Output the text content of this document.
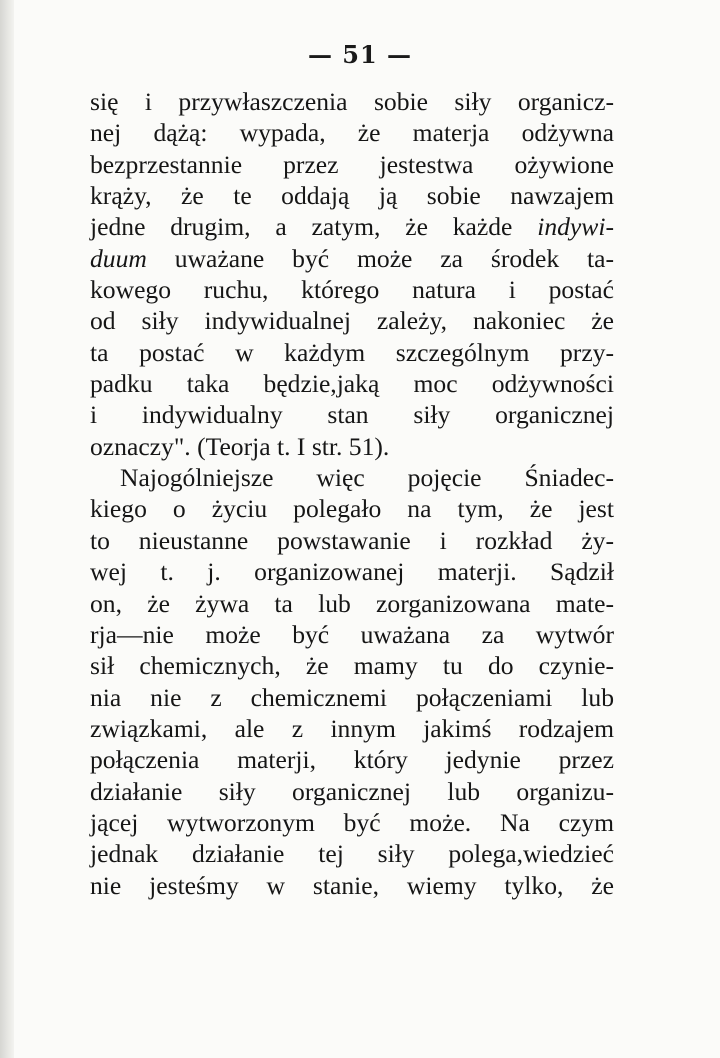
— 51 —
się i przywłaszczenia sobie siły organicz-
nej dążą: wypada, że materja odżywna
bezprzestannie przez jestestwa ożywione
krąży, że te oddają ją sobie nawzajem
jedne drugim, a zatym, że każde indywi-
duum uważane być może za środek ta-
kowego ruchu, którego natura i postać
od siły indywidualnej zależy, nakoniec że
ta postać w każdym szczególnym przy-
padku taka będzie,jaką moc odżywności
i indywidualny stan siły organicznej
oznaczy". (Teorja t. I str. 51).
Najogólniejsze więc pojęcie Śniadec-
kiego o życiu polegało na tym, że jest
to nieustanne powstawanie i rozkład ży-
wej t. j. organizowanej materji. Sądził
on, że żywa ta lub zorganizowana mate-
rja—nie może być uważana za wytwór
sił chemicznych, że mamy tu do czynie-
nia nie z chemicznemi połączeniami lub
związkami, ale z innym jakimś rodzajem
połączenia materji, który jedynie przez
działanie siły organicznej lub organizu-
jącej wytworzonym być może. Na czym
jednak działanie tej siły polega,wiedzieć
nie jesteśmy w stanie, wiemy tylko, że
